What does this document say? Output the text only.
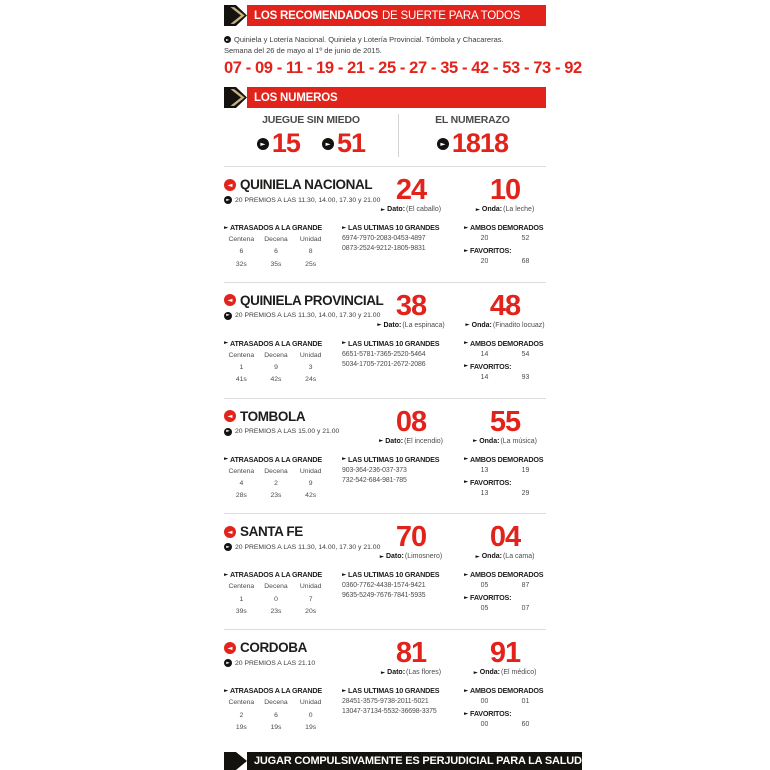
LOS RECOMENDADOS DE SUERTE PARA TODOS
► Quiniela y Lotería Nacional. Quiniela y Lotería Provincial. Tómbola y Chacareras.
Semana del 26 de mayo al 1º de junio de 2015.
07 - 09 - 11 - 19 - 21 - 25 - 27 - 35 - 42 - 53 - 73 - 92
LOS NUMEROS
JUEGUE SIN MIEDO
► 15	► 51
EL NUMERAZO
► 1818
◄ QUINIELA NACIONAL
► 20 PREMIOS A LAS 11.30, 14.00, 17.30 y 21.00 24
► Dato: (El caballo)
10
► Onda: (La leche)
► ATRASADOS A LA GRANDE
Centena	Decena	Unidad
6	6	8
32s	35s	25s
► LAS ULTIMAS 10 GRANDES
6974-7970-2083-0453-4897
0873-2524-9212-1805-9831
► AMBOS DEMORADOS
20	52
► FAVORITOS:
20	68
◄ QUINIELA PROVINCIAL
► 20 PREMIOS A LAS 11.30, 14.00, 17.30 y 21.00 38
► Dato: (La espinaca)
48
► Onda: (Finadito locuaz)
► ATRASADOS A LA GRANDE
Centena	Decena	Unidad
1	9	3
41s	42s	24s
► LAS ULTIMAS 10 GRANDES
6651-5781-7365-2520-5464
5034-1705-7201-2672-2086
► AMBOS DEMORADOS
14	54
► FAVORITOS:
14	93
◄ TOMBOLA
► 20 PREMIOS A LAS 15.00 y 21.00 08
► Dato: (El incendio)
55
► Onda: (La música)
► ATRASADOS A LA GRANDE
Centena	Decena	Unidad
4	2	9
28s	23s	42s
► LAS ULTIMAS 10 GRANDES
903-364-236-037-373
732-542-684-981-785
► AMBOS DEMORADOS
13	19
► FAVORITOS:
13	29
◄ SANTA FE
► 20 PREMIOS A LAS 11.30, 14.00, 17.30 y 21.00 70
► Dato: (Limosnero)
04
► Onda: (La cama)
► ATRASADOS A LA GRANDE
Centena	Decena	Unidad
1	0	7
39s	23s	20s
► LAS ULTIMAS 10 GRANDES
0360-7762-4438-1574-9421
9635-5249-7676-7841-5935
► AMBOS DEMORADOS
05	87
► FAVORITOS:
05	07
◄ CORDOBA
► 20 PREMIOS A LAS 21.10	81
► Dato: (Las flores)
91
► Onda: (El médico)
► ATRASADOS A LA GRANDE
Centena	Decena	Unidad
2	6	0
19s	19s	19s
► LAS ULTIMAS 10 GRANDES
28451-3575-9738-2011-5021
13047-37134-5532-36698-3375
► AMBOS DEMORADOS
00	01
► FAVORITOS:
00	60
JUGAR COMPULSIVAMENTE ES PERJUDICIAL PARA LA SALUD
